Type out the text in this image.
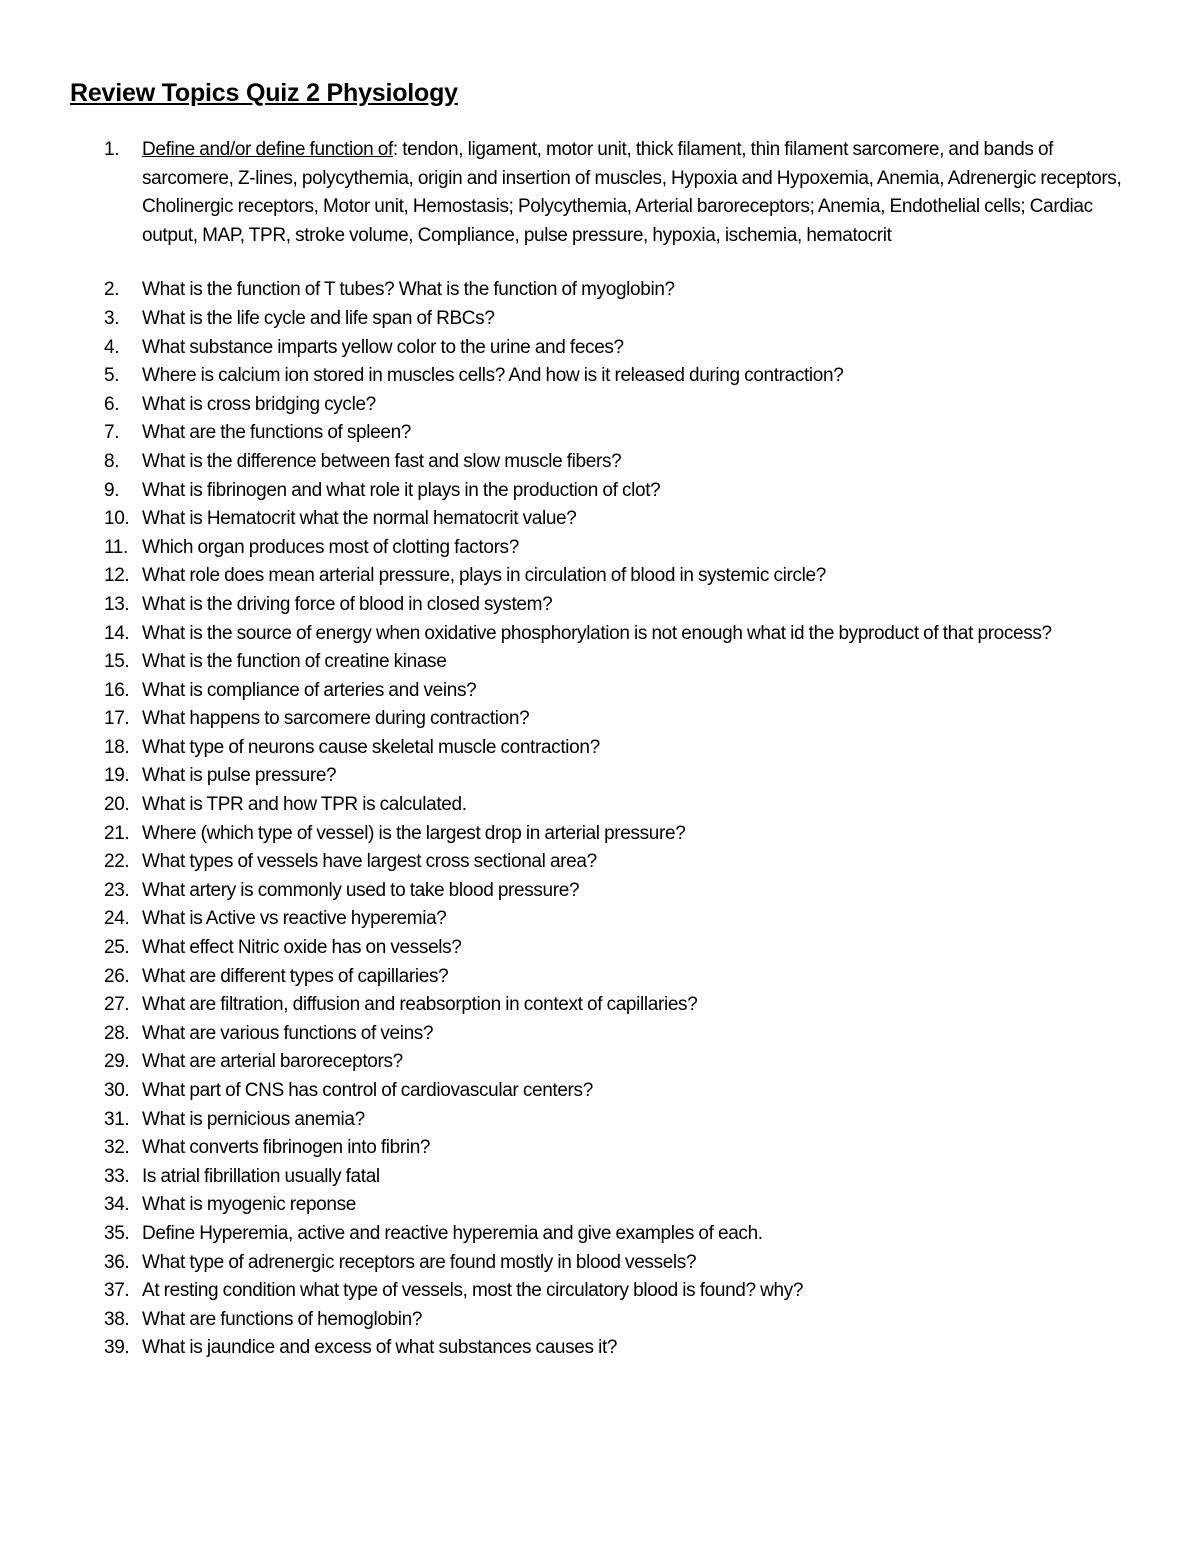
Review Topics Quiz 2 Physiology
1. Define and/or define function of: tendon, ligament, motor unit, thick filament, thin filament sarcomere, and bands of sarcomere, Z-lines, polycythemia, origin and insertion of muscles, Hypoxia and Hypoxemia, Anemia, Adrenergic receptors, Cholinergic receptors, Motor unit, Hemostasis; Polycythemia, Arterial baroreceptors; Anemia, Endothelial cells; Cardiac output, MAP, TPR, stroke volume, Compliance, pulse pressure, hypoxia, ischemia, hematocrit
2. What is the function of T tubes? What is the function of myoglobin?
3. What is the life cycle and life span of RBCs?
4. What substance imparts yellow color to the urine and feces?
5. Where is calcium ion stored in muscles cells? And how is it released during contraction?
6. What is cross bridging cycle?
7. What are the functions of spleen?
8. What is the difference between fast and slow muscle fibers?
9. What is fibrinogen and what role it plays in the production of clot?
10. What is Hematocrit what the normal hematocrit value?
11. Which organ produces most of clotting factors?
12. What role does mean arterial pressure, plays in circulation of blood in systemic circle?
13. What is the driving force of blood in closed system?
14. What is the source of energy when oxidative phosphorylation is not enough what id the byproduct of that process?
15. What is the function of creatine kinase
16. What is compliance of arteries and veins?
17. What happens to sarcomere during contraction?
18. What type of neurons cause skeletal muscle contraction?
19. What is pulse pressure?
20. What is TPR and how TPR is calculated.
21. Where (which type of vessel) is the largest drop in arterial pressure?
22. What types of vessels have largest cross sectional area?
23. What artery is commonly used to take blood pressure?
24. What is Active vs reactive hyperemia?
25. What effect Nitric oxide has on vessels?
26. What are different types of capillaries?
27. What are filtration, diffusion and reabsorption in context of capillaries?
28. What are various functions of veins?
29. What are arterial baroreceptors?
30. What part of CNS has control of cardiovascular centers?
31. What is pernicious anemia?
32. What converts fibrinogen into fibrin?
33. Is atrial fibrillation usually fatal
34. What is myogenic reponse
35. Define Hyperemia, active and reactive hyperemia and give examples of each.
36. What type of adrenergic receptors are found mostly in blood vessels?
37. At resting condition what type of vessels, most the circulatory blood is found? why?
38. What are functions of hemoglobin?
39. What is jaundice and excess of what substances causes it?
